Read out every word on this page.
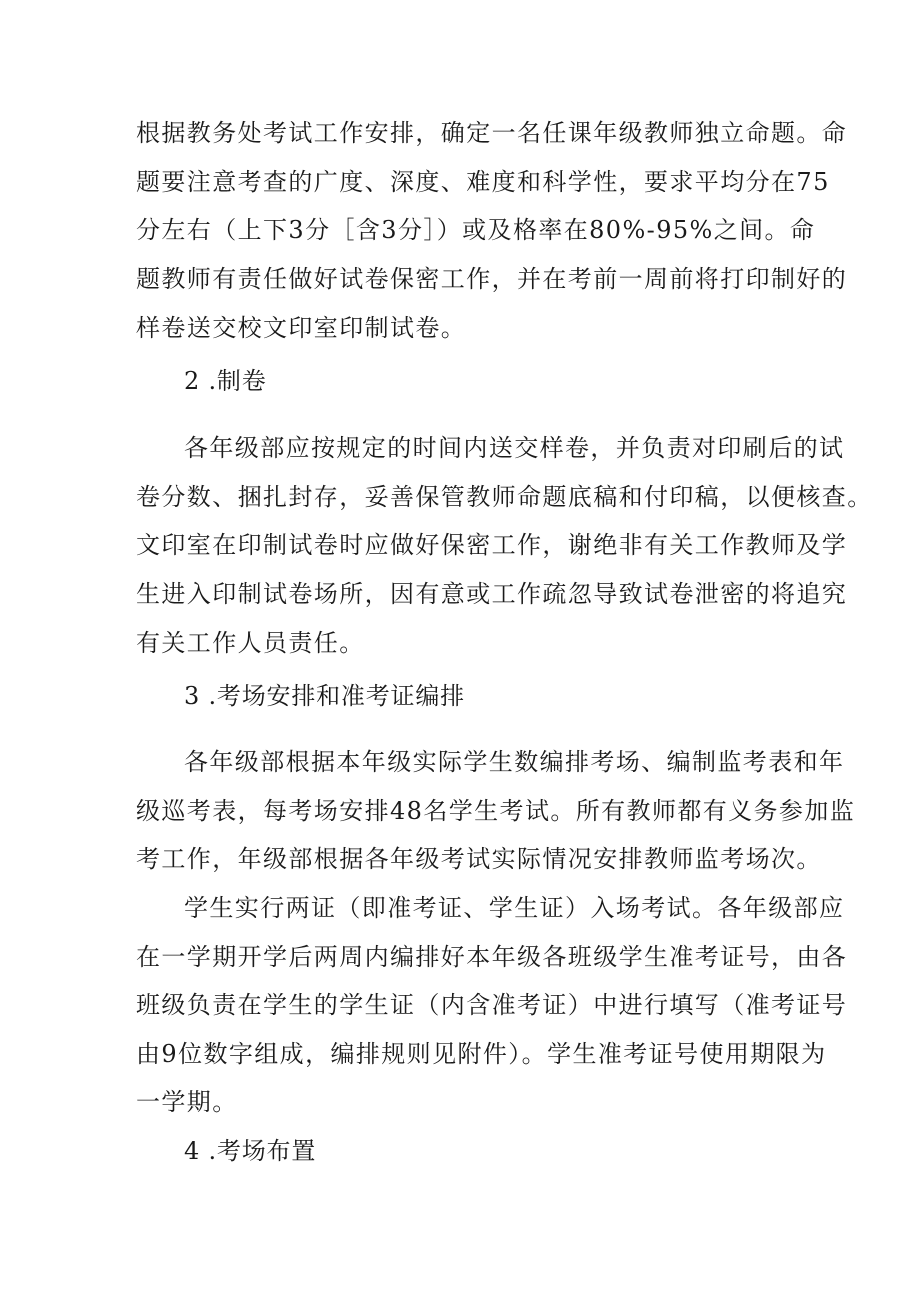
根据教务处考试工作安排，确定一名任课年级教师独立命题。命
题要注意考查的广度、深度、难度和科学性，要求平均分在75
分左右（上下3分［含3分］）或及格率在80%-95%之间。命
题教师有责任做好试卷保密工作，并在考前一周前将打印制好的
样卷送交校文印室印制试卷。
2 .制卷
各年级部应按规定的时间内送交样卷，并负责对印刷后的试
卷分数、捆扎封存，妥善保管教师命题底稿和付印稿，以便核查。
文印室在印制试卷时应做好保密工作，谢绝非有关工作教师及学
生进入印制试卷场所，因有意或工作疏忽导致试卷泄密的将追究
有关工作人员责任。
3 .考场安排和准考证编排
各年级部根据本年级实际学生数编排考场、编制监考表和年
级巡考表，每考场安排48名学生考试。所有教师都有义务参加监
考工作，年级部根据各年级考试实际情况安排教师监考场次。
学生实行两证（即准考证、学生证）入场考试。各年级部应
在一学期开学后两周内编排好本年级各班级学生准考证号，由各
班级负责在学生的学生证（内含准考证）中进行填写（准考证号
由9位数字组成，编排规则见附件）。学生准考证号使用期限为
一学期。
4 .考场布置
